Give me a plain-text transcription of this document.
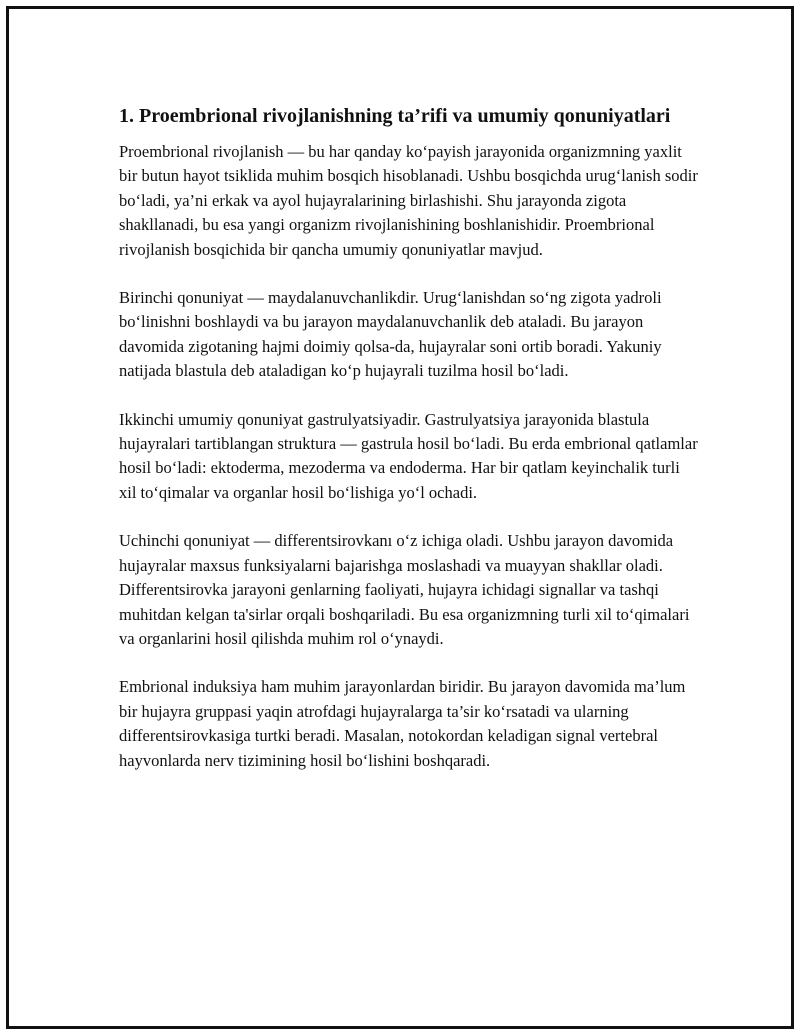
1. Proembrional rivojlanishning ta’rifi va umumiy qonuniyatlari

Proembrional rivojlanish — bu har qanday ko‘payish jarayonida organizmning yaxlit bir butun hayot tsiklida muhim bosqich hisoblanadi. Ushbu bosqichda urug‘lanish sodir bo‘ladi, ya’ni erkak va ayol hujayralarining birlashishi. Shu jarayonda zigota shakllanadi, bu esa yangi organizm rivojlanishining boshlanishidir. Proembrional rivojlanish bosqichida bir qancha umumiy qonuniyatlar mavjud.

Birinchi qonuniyat — maydalanuvchanlikdir. Urug‘lanishdan so‘ng zigota yadroli bo‘linishni boshlaydi va bu jarayon maydalanuvchanlik deb ataladi. Bu jarayon davomida zigotaning hajmi doimiy qolsa-da, hujayralar soni ortib boradi. Yakuniy natijada blastula deb ataladigan ko‘p hujayrali tuzilma hosil bo‘ladi.

Ikkinchi umumiy qonuniyat gastrulyatsiyadir. Gastrulyatsiya jarayonida blastula hujayralari tartiblangan struktura — gastrula hosil bo‘ladi. Bu erda embrional qatlamlar hosil bo‘ladi: ektoderma, mezoderma va endoderma. Har bir qatlam keyinchalik turli xil to‘qimalar va organlar hosil bo‘lishiga yo‘l ochadi.

Uchinchi qonuniyat — differentsirovkanı o‘z ichiga oladi. Ushbu jarayon davomida hujayralar maxsus funksiyalarni bajarishga moslashadi va muayyan shakllar oladi. Differentsirovka jarayoni genlarning faoliyati, hujayra ichidagi signallar va tashqi muhitdan kelgan ta'sirlar orqali boshqariladi. Bu esa organizmning turli xil to‘qimalari va organlarini hosil qilishda muhim rol o‘ynaydi.

Embrional induksiya ham muhim jarayonlardan biridir. Bu jarayon davomida ma’lum bir hujayra gruppasi yaqin atrofdagi hujayralarga ta’sir ko‘rsatadi va ularning differentsirovkasiga turtki beradi. Masalan, notokordan keladigan signal vertebral hayvonlarda nerv tizimining hosil bo‘lishini boshqaradi.
